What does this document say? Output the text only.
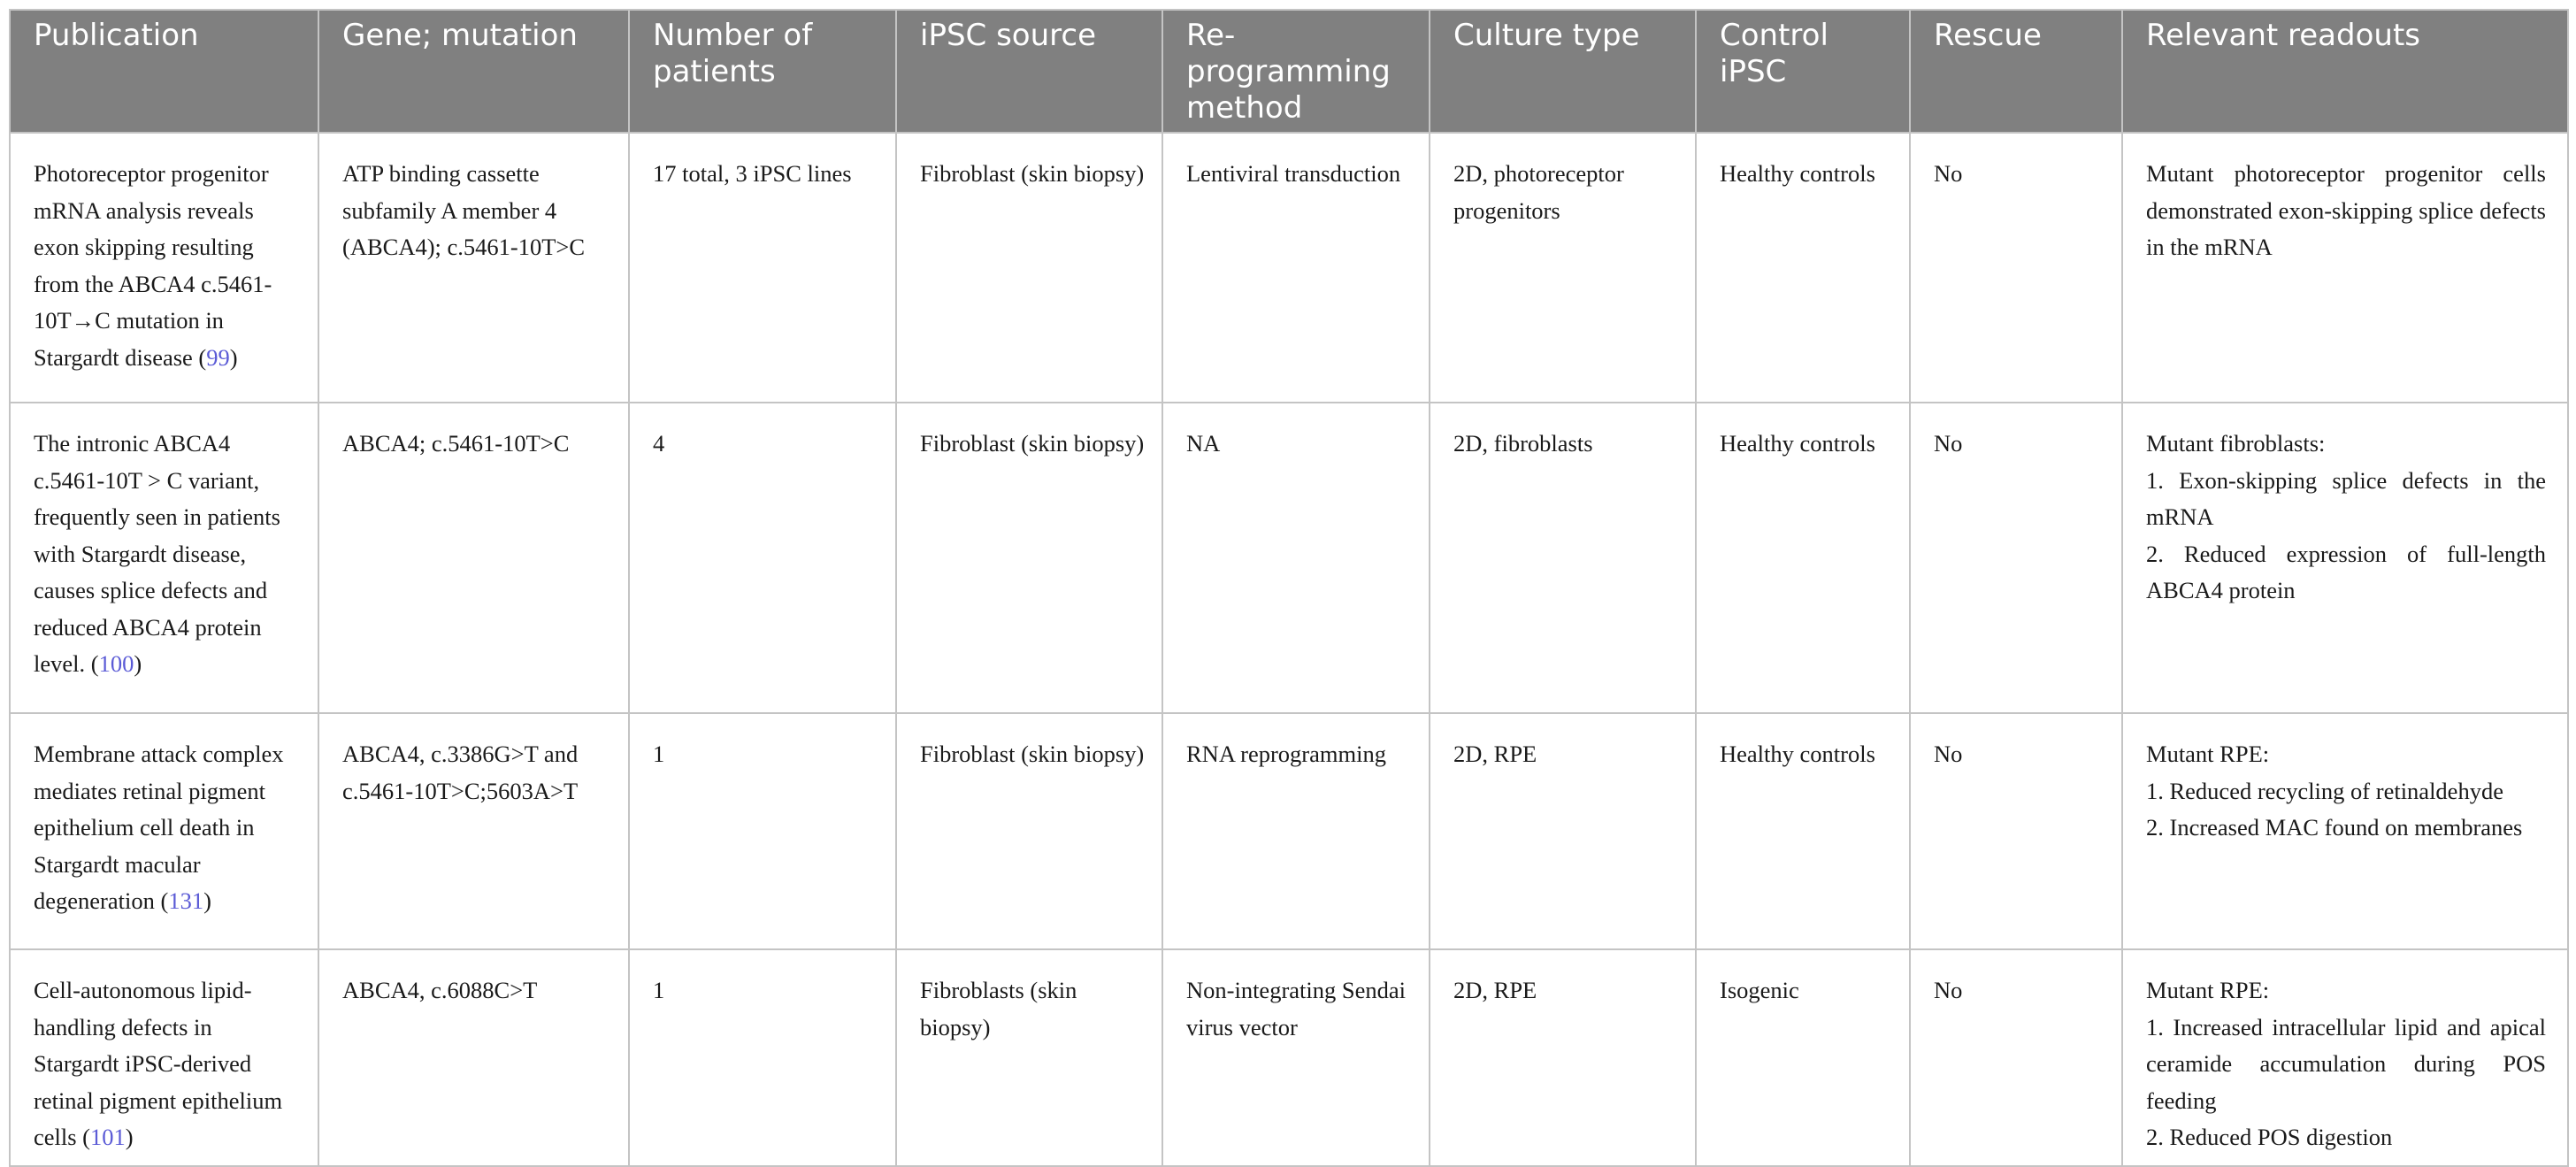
Publication	Gene; mutation	Number of patients	iPSC source	Re-programming method	Culture type	Control iPSC	Rescue	Relevant readouts
Photoreceptor progenitor mRNA analysis reveals exon skipping resulting from the ABCA4 c.5461-10T→C mutation in Stargardt disease (99)	ATP binding cassette subfamily A member 4 (ABCA4); c.5461-10T>C	17 total, 3 iPSC lines	Fibroblast (skin biopsy)	Lentiviral transduction	2D, photoreceptor progenitors	Healthy controls	No	Mutant photoreceptor progenitor cells demonstrated exon-skipping splice defects in the mRNA

The intronic ABCA4 c.5461-10T > C variant, frequently seen in patients with Stargardt disease, causes splice defects and reduced ABCA4 protein level. (100)	ABCA4; c.5461-10T>C	4	Fibroblast (skin biopsy)	NA	2D, fibroblasts	Healthy controls	No	Mutant fibroblasts:
1. Exon-skipping splice defects in the mRNA
2. Reduced expression of full-length ABCA4 protein

Membrane attack complex mediates retinal pigment epithelium cell death in Stargardt macular degeneration (131)	ABCA4, c.3386G>T and c.5461-10T>C;5603A>T	1	Fibroblast (skin biopsy)	RNA reprogramming	2D, RPE	Healthy controls	No	Mutant RPE:
1. Reduced recycling of retinaldehyde
2. Increased MAC found on membranes

Cell-autonomous lipid-handling defects in Stargardt iPSC-derived retinal pigment epithelium cells (101)	ABCA4, c.6088C>T	1	Fibroblasts (skin biopsy)	Non-integrating Sendai virus vector	2D, RPE	Isogenic	No	Mutant RPE:
1. Increased intracellular lipid and apical ceramide accumulation during POS feeding
2. Reduced POS digestion
